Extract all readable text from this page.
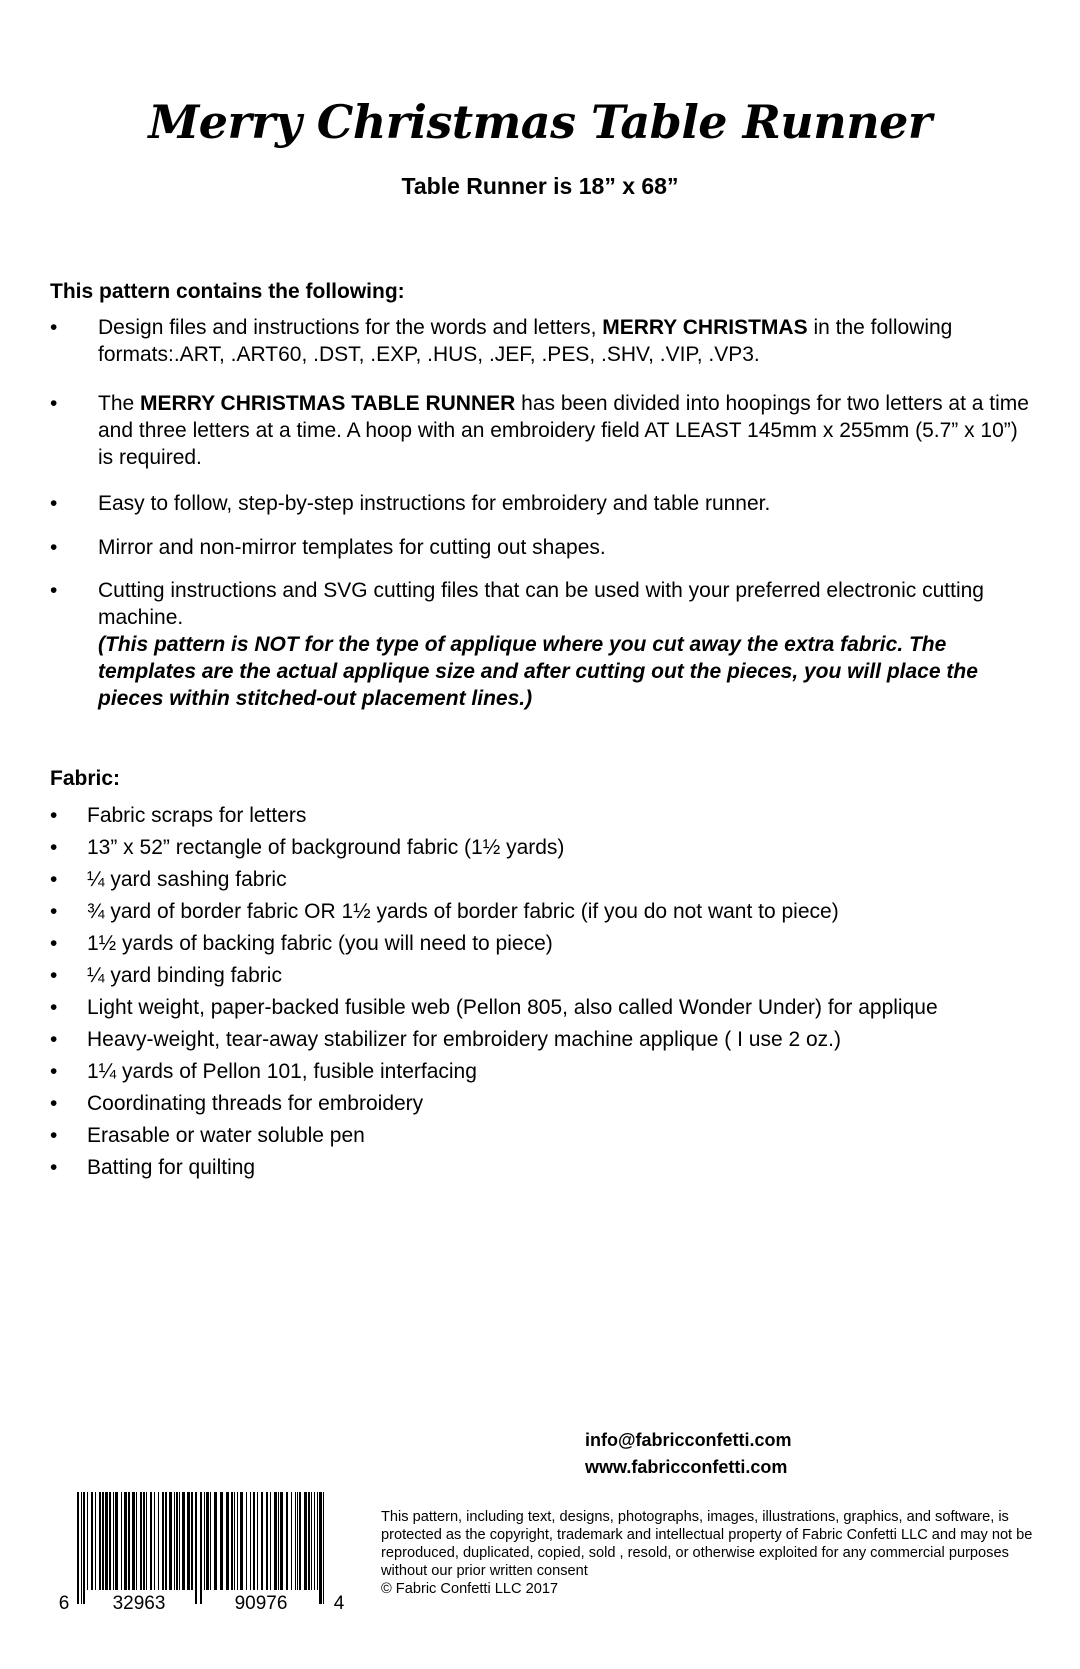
Merry Christmas Table Runner
Table Runner is 18” x 68”
This pattern contains the following:
•	Design files and instructions for the words and letters, MERRY CHRISTMAS in the following formats:.ART, .ART60, .DST, .EXP, .HUS, .JEF, .PES, .SHV, .VIP, .VP3.
•	The MERRY CHRISTMAS TABLE RUNNER has been divided into hoopings for two letters at a time and three letters at a time. A hoop with an embroidery field AT LEAST 145mm x 255mm (5.7” x 10”) is required.
•	Easy to follow, step-by-step instructions for embroidery and table runner.
•	Mirror and non-mirror templates for cutting out shapes.
•	Cutting instructions and SVG cutting files that can be used with your preferred electronic cutting machine.
(This pattern is NOT for the type of applique where you cut away the extra fabric. The templates are the actual applique size and after cutting out the pieces, you will place the pieces within stitched-out placement lines.)
Fabric:
•	Fabric scraps for letters
•	13” x 52” rectangle of background fabric (1½ yards)
•	¼ yard sashing fabric
•	¾ yard of border fabric OR 1½ yards of border fabric (if you do not want to piece)
•	1½ yards of backing fabric (you will need to piece)
•	¼ yard binding fabric
•	Light weight, paper-backed fusible web (Pellon 805, also called Wonder Under) for applique
•	Heavy-weight, tear-away stabilizer for embroidery machine applique ( I use 2 oz.)
•	1¼ yards of Pellon 101, fusible interfacing
•	Coordinating threads for embroidery
•	Erasable or water soluble pen
•	Batting for quilting
info@fabricconfetti.com
www.fabricconfetti.com
This pattern, including text, designs, photographs, images, illustrations, graphics, and software, is protected as the copyright, trademark and intellectual property of Fabric Confetti LLC and may not be reproduced, duplicated, copied, sold , resold, or otherwise exploited for any commercial purposes without our prior written consent
© Fabric Confetti LLC 2017
6 32963	90976 4
